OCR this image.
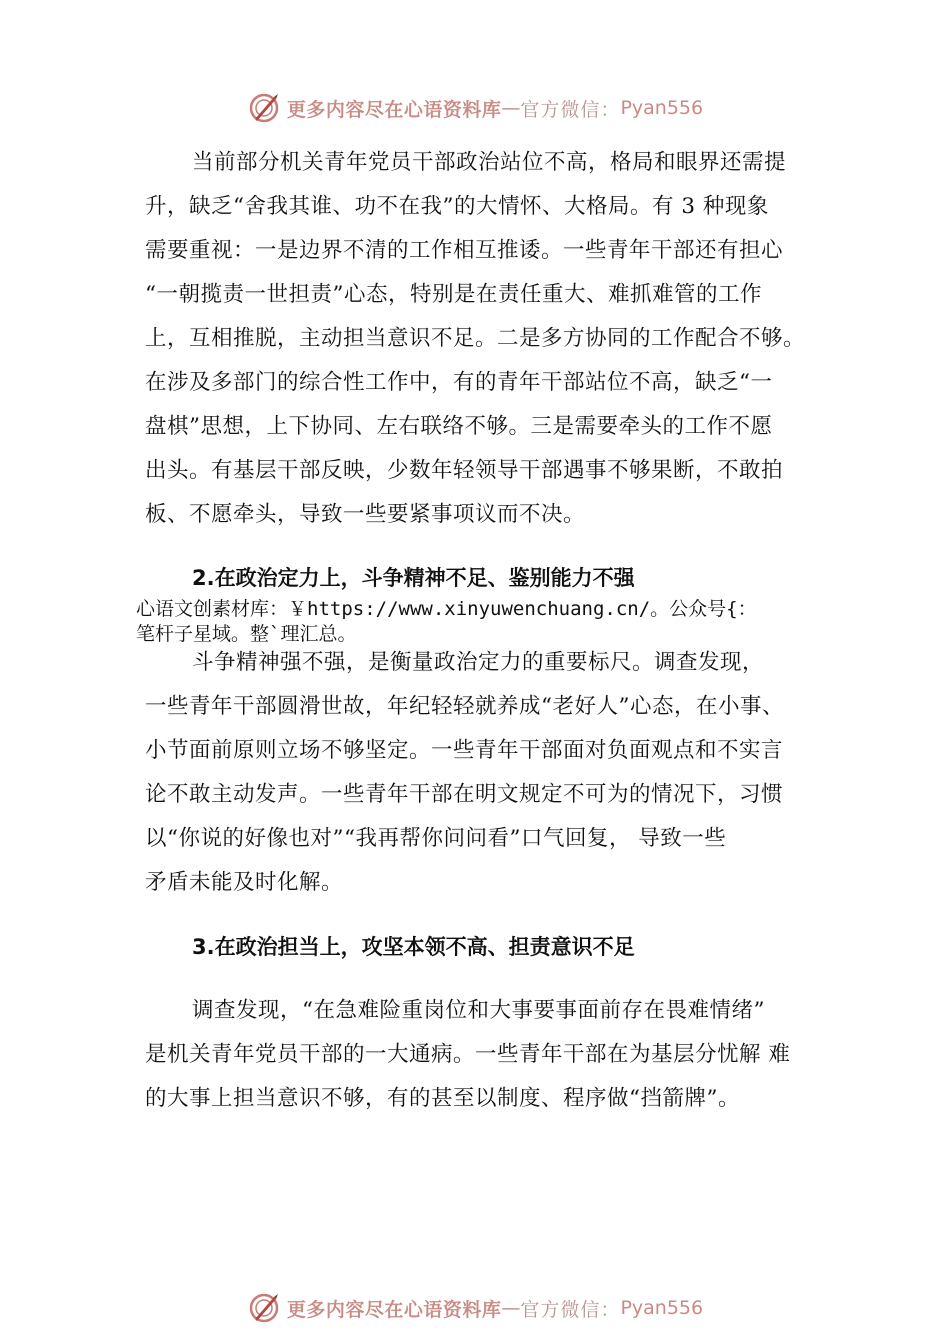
更多内容尽在心语资料库 — 官方微信： Pyan556
当前部分机关青年党员干部政治站位不高，格局和眼界还需提
升，缺乏“舍我其谁、功不在我”的大情怀、大格局。有 3 种现象
需要重视：一是边界不清的工作相互推诿。一些青年干部还有担心
“一朝揽责一世担责”心态，特别是在责任重大、难抓难管的工作
上，互相推脱，主动担当意识不足。二是多方协同的工作配合不够。
在涉及多部门的综合性工作中，有的青年干部站位不高，缺乏“一
盘棋”思想，上下协同、左右联络不够。三是需要牵头的工作不愿
出头。有基层干部反映，少数年轻领导干部遇事不够果断，不敢拍
板、不愿牵头，导致一些要紧事项议而不决。
2.在政治定力上，斗争精神不足、鉴别能力不强
心语文创素材库：￥https://www.xinyuwenchuang.cn/。公众号{：
笔杆子星域。整`理汇总。
斗争精神强不强，是衡量政治定力的重要标尺。调查发现，
一些青年干部圆滑世故，年纪轻轻就养成“老好人”心态，在小事、
小节面前原则立场不够坚定。一些青年干部面对负面观点和不实言
论不敢主动发声。一些青年干部在明文规定不可为的情况下，习惯
以“你说的好像也对”“我再帮你问问看”口气回复， 导致一些
矛盾未能及时化解。
3.在政治担当上，攻坚本领不高、担责意识不足
调查发现，“在急难险重岗位和大事要事面前存在畏难情绪”
是机关青年党员干部的一大通病。一些青年干部在为基层分忧解 难
的大事上担当意识不够，有的甚至以制度、程序做“挡箭牌”。
更多内容尽在心语资料库 — 官方微信： Pyan556
